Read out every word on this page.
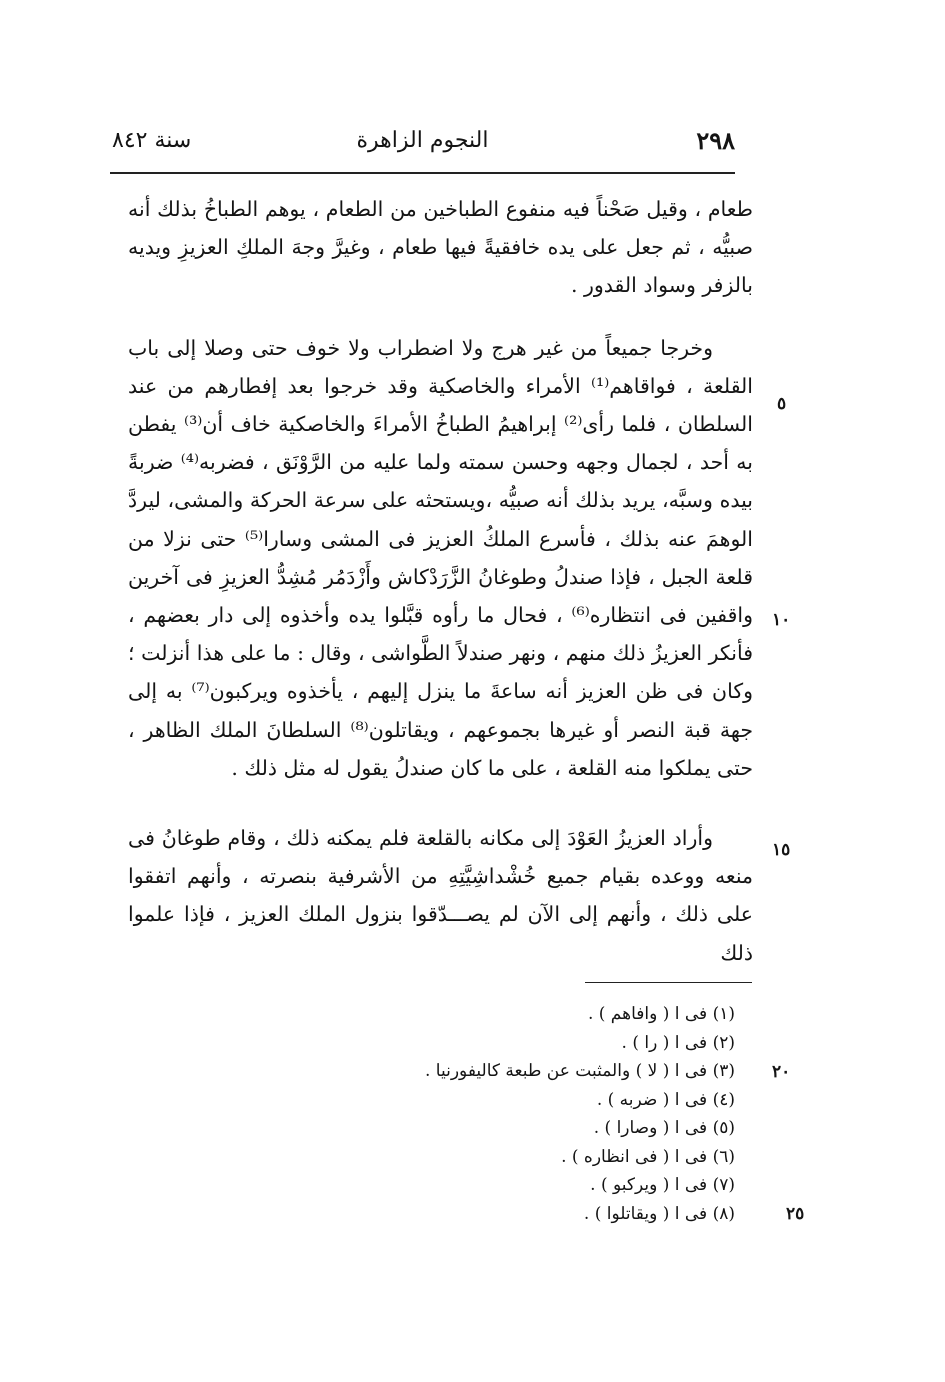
٢٩٨
النجوم الزاهرة
سنة ٨٤٢

طعام ، وقيل صَحْناً فيه منفوع الطباخين من الطعام ، يوهم الطباخُ بذلك أنه صبيُّه ، ثم جعل على يده خافقيةً فيها طعام ، وغيرَّ وجهَ الملكِ العزيزِ ويديه بالزفر وسواد القدور .

وخرجا جميعاً من غير هرج ولا اضطراب ولا خوف حتى وصلا إلى باب القلعة ، فواقاهم⁽¹⁾ الأمراء والخاصكية وقد خرجوا بعد إفطارهم من عند السلطان ، فلما رأى⁽²⁾ إبراهيمُ الطباخُ الأمراءَ والخاصكية خاف أن⁽³⁾ يفطن به أحد ، لجمال وجهه وحسن سمته ولما عليه من الرَّوْنَق ، فضربه⁽⁴⁾ ضربةً بيده وسبَّه، يريد بذلك أنه صبيُّه ،ويستحثه على سرعة الحركة والمشى، ليردَّ الوهمَ عنه بذلك ، فأسرع الملكُ العزيز فى المشى وسارا⁽⁵⁾ حتى نزلا من قلعة الجبل ، فإذا صندلُ وطوغانُ الزَّرَدْكاش وأَزْدَمُر مُشِدُّ العزيزِ فى آخرين واقفين فى انتظاره⁽⁶⁾ ، فحال ما رأوه قبَّلوا يده وأخذوه إلى دار بعضهم ، فأنكر العزيزُ ذلك منهم ، ونهر صندلاً الطَّواشى ، وقال : ما على هذا أنزلت ؛ وكان فى ظن العزيز أنه ساعةَ ما ينزل إليهم ، يأخذوه ويركبون⁽⁷⁾ به إلى جهة قبة النصر أو غيرها بجموعهم ، ويقاتلون⁽⁸⁾ السلطانَ الملك الظاهر ، حتى يملكوا منه القلعة ، على ما كان صندلُ يقول له مثل ذلك .

وأراد العزيزُ العَوْدَ إلى مكانه بالقلعة فلم يمكنه ذلك ، وقام طوغانُ فى منعه ووعده بقيام جميع خُشْداشِيَّتِهِ من الأشرفية بنصرته ، وأنهم اتفقوا على ذلك ، وأنهم إلى الآن لم يصـــدّقوا بنزول الملك العزيز ، فإذا علموا ذلك

٥
١٠
١٥
٢٠
٢٥
(١) فى ا ( وافاهم ) .
(٢) فى ا ( را ) .
(٣) فى ا ( لا ) والمثبت عن طبعة كاليفورنيا .
(٤) فى ا ( ضربه ) .
(٥) فى ا ( وصارا ) .
(٦) فى ا ( فى انظاره ) .
(٧) فى ا ( ويركبو ) .
(٨) فى ا ( ويقاتلوا ) .
